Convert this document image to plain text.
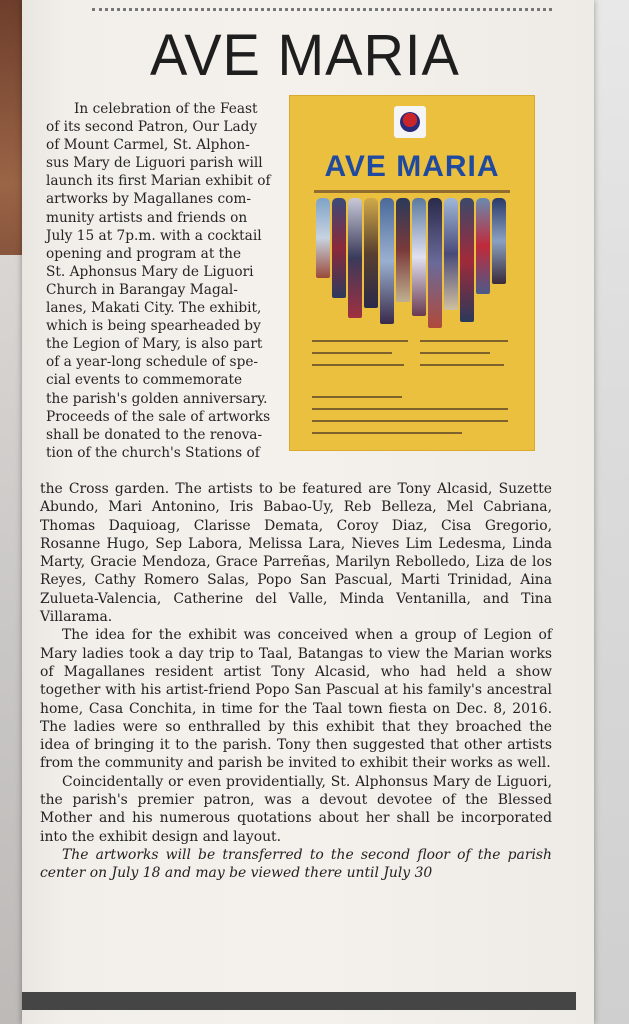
AVE MARIA

In celebration of the Feast

of its second Patron, Our Lady

of Mount Carmel, St. Alphon-

sus Mary de Liguori parish will

launch its first Marian exhibit of

artworks by Magallanes com-

munity artists and friends on

July 15 at 7p.m. with a cocktail

opening and program at the

St. Aphonsus Mary de Liguori

Church in Barangay Magal-

lanes, Makati City. The exhibit,

which is being spearheaded by

the Legion of Mary, is also part

of a year-long schedule of spe-

cial events to commemorate

the parish's golden anniversary.

Proceeds of the sale of artworks

shall be donated to the renova-

tion of the church's Stations of

AVE MARIA

the Cross garden. The artists to be featured are Tony Alcasid, Suzette Abundo, Mari Antonino, Iris Babao-Uy, Reb Belleza, Mel Cabriana, Thomas Daquioag, Clarisse Demata, Coroy Diaz, Cisa Gregorio, Rosanne Hugo, Sep Labora, Melissa Lara, Nieves Lim Ledesma, Linda Marty, Gracie Mendoza, Grace Parreñas, Marilyn Rebolledo, Liza de los Reyes, Cathy Romero Salas, Popo San Pascual, Marti Trinidad, Aina Zulueta-Valencia, Catherine del Valle, Minda Ventanilla, and Tina Villarama.

The idea for the exhibit was conceived when a group of Legion of Mary ladies took a day trip to Taal, Batangas to view the Marian works of Magallanes resident artist Tony Alcasid, who had held a show together with his artist-friend Popo San Pascual at his family's ancestral home, Casa Conchita, in time for the Taal town fiesta on Dec. 8, 2016. The ladies were so enthralled by this exhibit that they broached the idea of bringing it to the parish. Tony then suggested that other artists from the community and parish be invited to exhibit their works as well.

Coincidentally or even providentially, St. Alphonsus Mary de Liguori, the parish's premier patron, was a devout devotee of the Blessed Mother and his numerous quotations about her shall be incorporated into the exhibit design and layout.

The artworks will be transferred to the second floor of the parish center on July 18 and may be viewed there until July 30
